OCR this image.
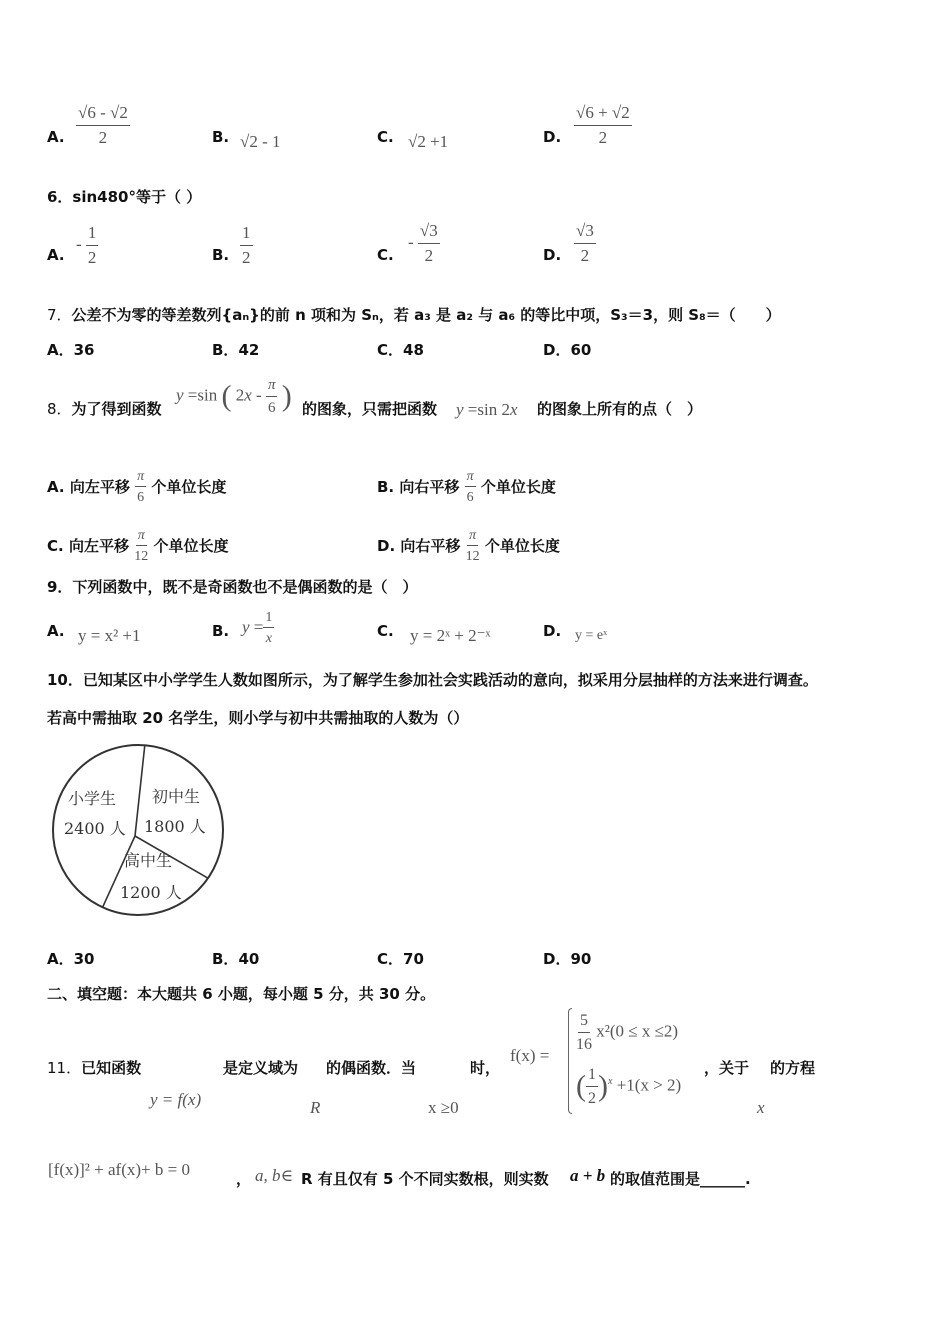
A. $\frac{√6 - √2}{2}$	B. √2 - 1	C. √2 +1	D. $\frac{√6 + √2}{2}$
6．sin480°等于（ ）
A.
- $\frac{1}{2}$	B. $\frac{1}{2}$	C.
- $\frac{√3}{2}$	D. $\frac{√3}{2}$
7．公差不为零的等差数列{aₙ}的前 n 项和为 Sₙ，若 a₃ 是 a₂ 与 a₆ 的等比中项，S₃＝3，则 S₈＝（　　）
A．36	B．42	C．48	D．60
8．为了得到函数
y =sin ( $2x - \frac{\pi}{6}$ ) 的图象，只需把函数 y =sin 2x 的图象上所有的点（　）
A. 向左平移 $\frac{\pi}{6}$ 个单位长度	B. 向右平移 $\frac{\pi}{6}$ 个单位长度
C. 向左平移 $\frac{\pi}{12}$ 个单位长度	D. 向右平移 $\frac{\pi}{12}$ 个单位长度
9．下列函数中，既不是奇函数也不是偶函数的是（　）
A. y = x² +1	B. $y = \frac{1}{x}$	C. y = 2ˣ + 2⁻ˣ	D. y = eˣ
10．已知某区中小学学生人数如图所示，为了解学生参加社会实践活动的意向，拟采用分层抽样的方法来进行调查。
若高中需抽取 20 名学生，则小学与初中共需抽取的人数为（）
小学生
2400 人
初中生
1800 人
高中生
1200 人
A．30	B．40	C．70	D．90
二、填空题：本大题共 6 小题，每小题 5 分，共 30 分。
11．已知函数	是定义域为 的偶函数．当	时，
y = f(x)	R	x ≥0
f(x) =
$\frac{5}{16} x^2(0 \le x \le 2)$
( $\frac{1}{2} )^x +1(x > 2)$
，关于 的方程
x
[f(x)]² + af(x)+ b = 0	， a, b∈ R 有且仅有 5 个不同实数根，则实数 a + b 的取值范围是______.
